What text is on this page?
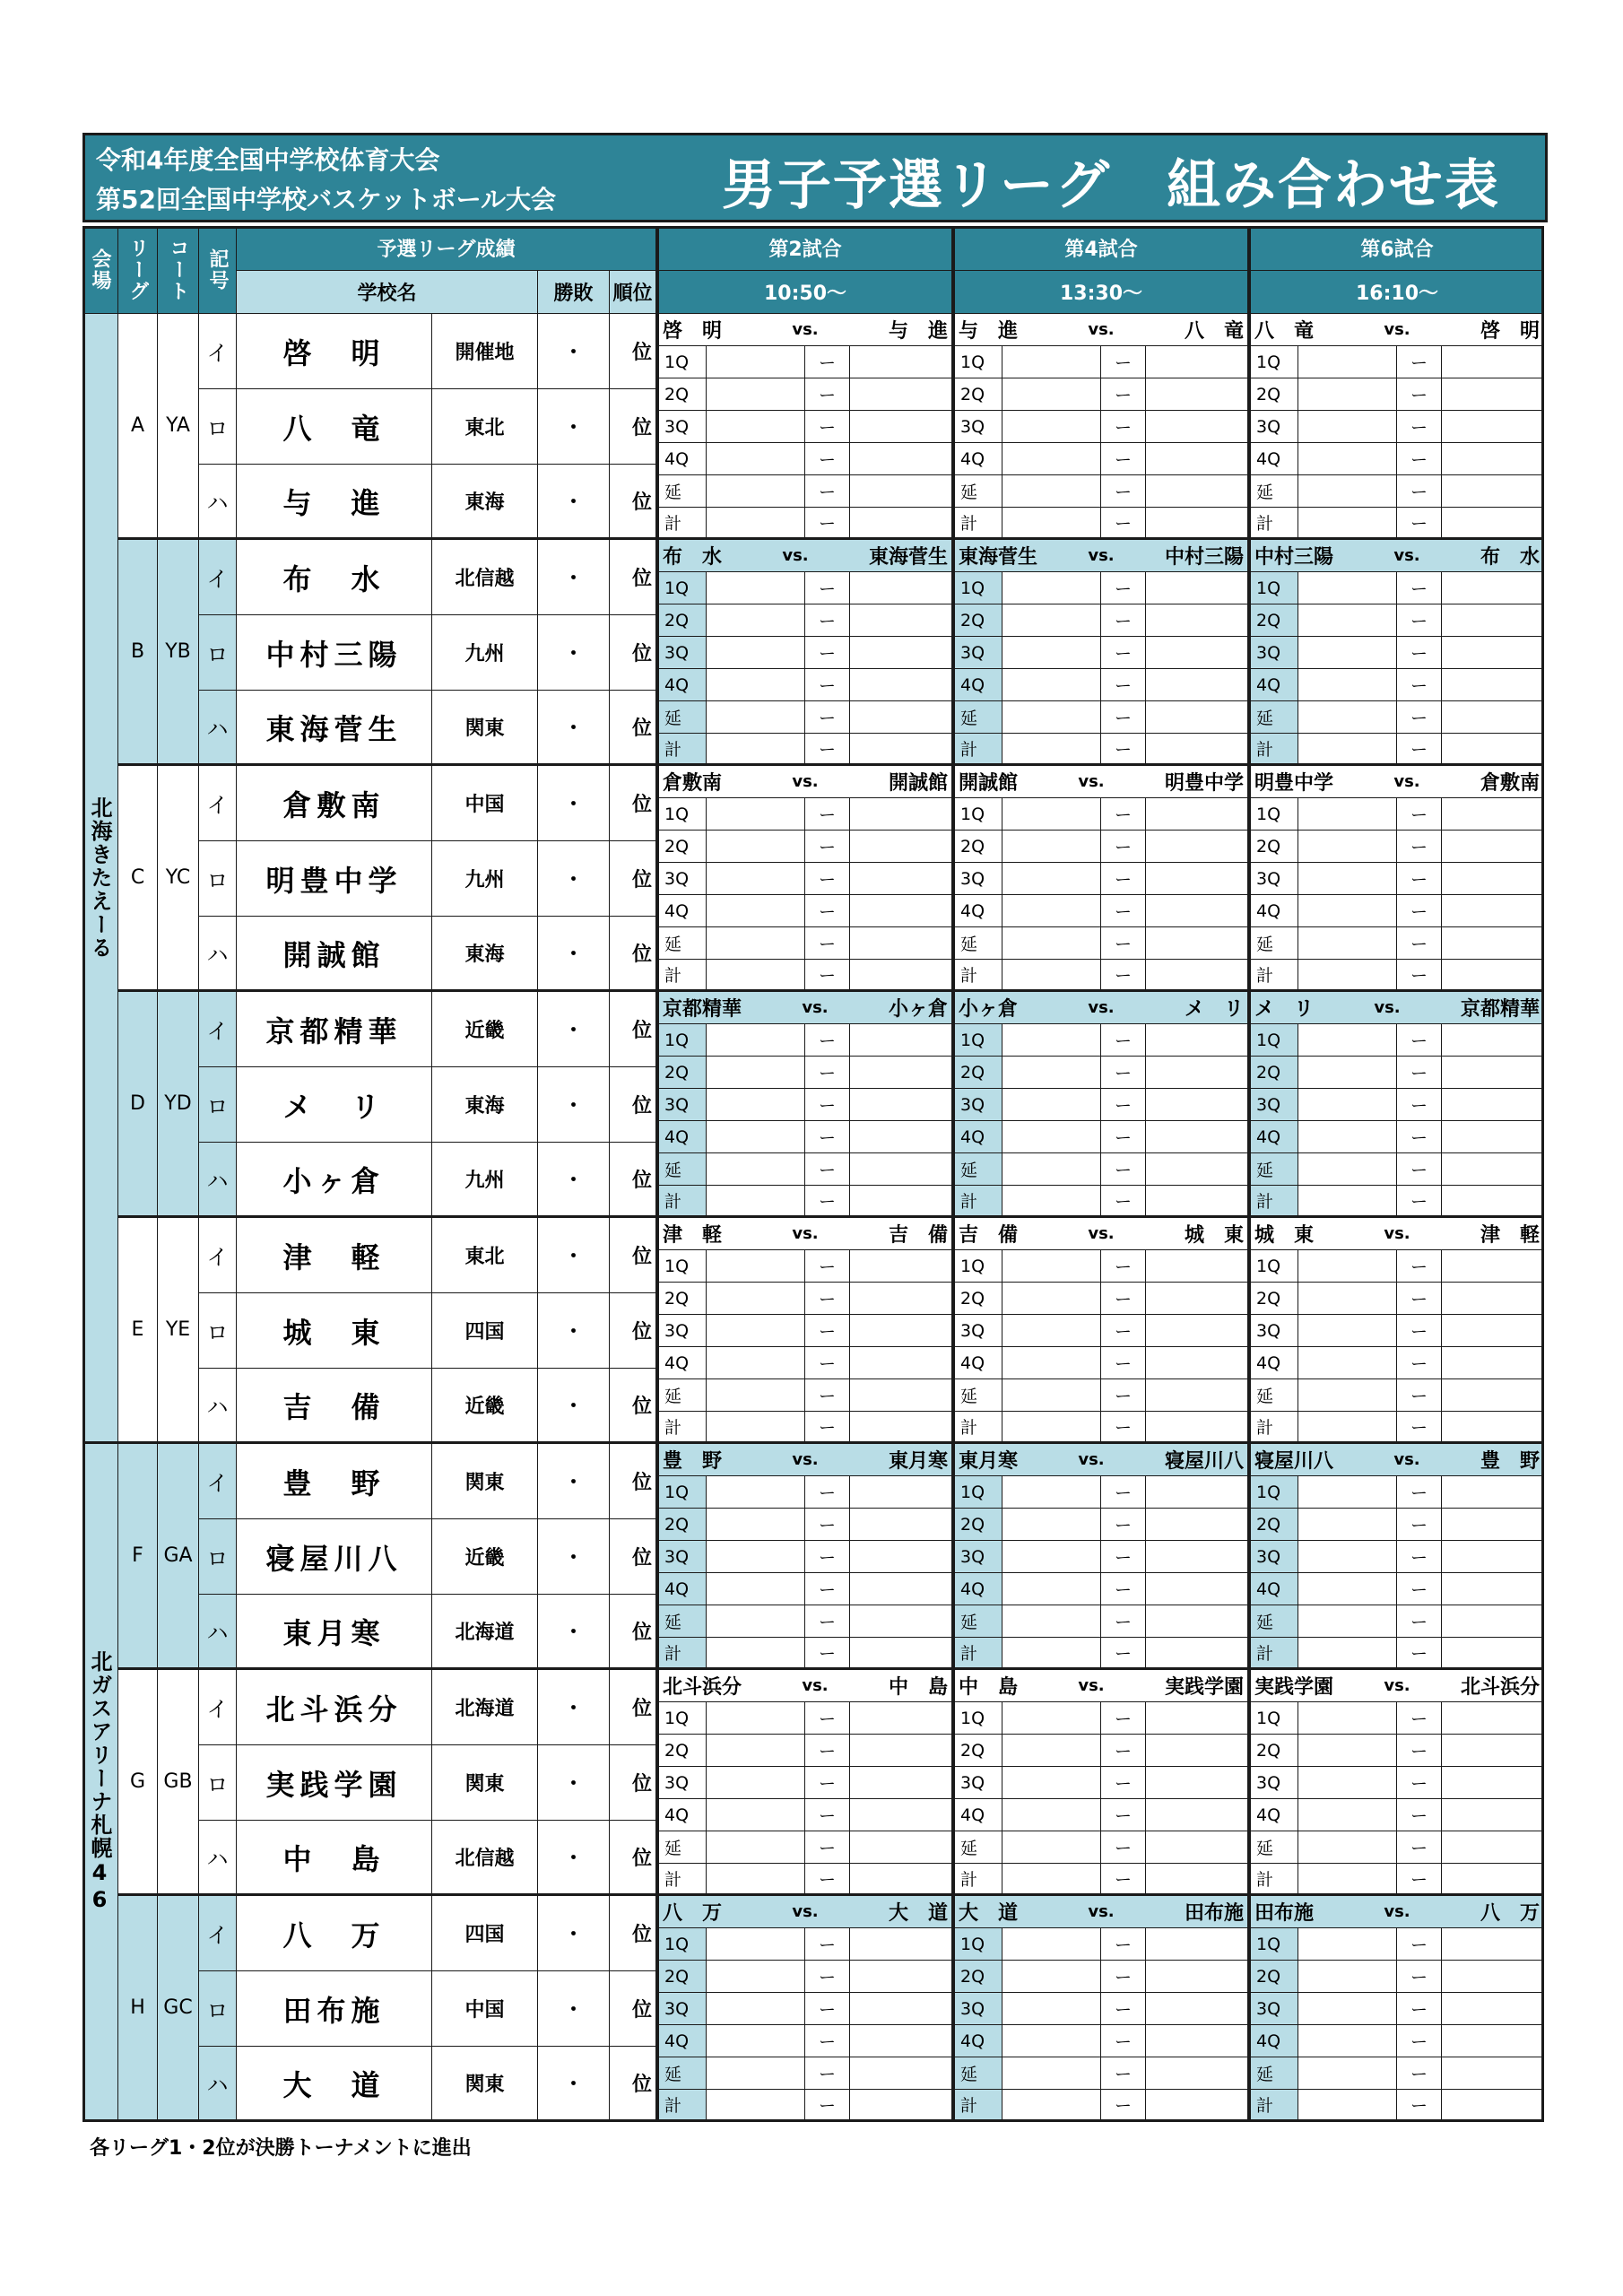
令和4年度全国中学校体育大会
第52回全国中学校バスケットボール大会	男子予選リーグ　組み合わせ表
会場 リーグ コート 記号	予選リーグ成績
学校名	勝敗 順位
第2試合
10:50〜
第4試合
13:30〜
第6試合
16:10〜
北海きたえーる
北ガスアリーナ札幌46
A	YA
イ	啓　明	開催地	・	位
ロ	八　竜	東北	・	位
ハ	与　進	東海	・	位
啓　明	vs.	与　進
1Q	ー
2Q	ー
3Q	ー
4Q	ー
延	ー
計	ー
与　進	vs.	八　竜
1Q	ー
2Q	ー
3Q	ー
4Q	ー
延	ー
計	ー
八　竜	vs.	啓　明
1Q	ー
2Q	ー
3Q	ー
4Q	ー
延	ー
計	ー
B	YB
イ	布　水	北信越	・	位
ロ	中村三陽	九州	・	位
ハ	東海菅生	関東	・	位
布　水	vs.	東海菅生
1Q	ー
2Q	ー
3Q	ー
4Q	ー
延	ー
計	ー
東海菅生	vs.	中村三陽
1Q	ー
2Q	ー
3Q	ー
4Q	ー
延	ー
計	ー
中村三陽	vs.	布　水
1Q	ー
2Q	ー
3Q	ー
4Q	ー
延	ー
計	ー
C	YC
イ	倉敷南	中国	・	位
ロ	明豊中学	九州	・	位
ハ	開誠館	東海	・	位
倉敷南	vs.	開誠館
1Q	ー
2Q	ー
3Q	ー
4Q	ー
延	ー
計	ー
開誠館	vs.	明豊中学
1Q	ー
2Q	ー
3Q	ー
4Q	ー
延	ー
計	ー
明豊中学	vs.	倉敷南
1Q	ー
2Q	ー
3Q	ー
4Q	ー
延	ー
計	ー
D YD
イ	京都精華	近畿	・	位
ロ	メ　リ	東海	・	位
ハ	小ヶ倉	九州	・	位
京都精華	vs.	小ヶ倉
1Q	ー
2Q	ー
3Q	ー
4Q	ー
延	ー
計	ー
小ヶ倉	vs.	メ　リ
1Q	ー
2Q	ー
3Q	ー
4Q	ー
延	ー
計	ー
メ　リ	vs.	京都精華
1Q	ー
2Q	ー
3Q	ー
4Q	ー
延	ー
計	ー
E	YE
イ	津　軽	東北	・	位
ロ	城　東	四国	・	位
ハ	吉　備	近畿	・	位
津　軽	vs.	吉　備
1Q	ー
2Q	ー
3Q	ー
4Q	ー
延	ー
計	ー
吉　備	vs.	城　東
1Q	ー
2Q	ー
3Q	ー
4Q	ー
延	ー
計	ー
城　東	vs.	津　軽
1Q	ー
2Q	ー
3Q	ー
4Q	ー
延	ー
計	ー
F	GA
イ	豊　野	関東	・	位
ロ	寝屋川八	近畿	・	位
ハ	東月寒	北海道	・	位
豊　野	vs.	東月寒
1Q	ー
2Q	ー
3Q	ー
4Q	ー
延	ー
計	ー
東月寒	vs.	寝屋川八
1Q	ー
2Q	ー
3Q	ー
4Q	ー
延	ー
計	ー
寝屋川八	vs.	豊　野
1Q	ー
2Q	ー
3Q	ー
4Q	ー
延	ー
計	ー
G GB
イ	北斗浜分	北海道	・	位
ロ	実践学園	関東	・	位
ハ	中　島	北信越	・	位
北斗浜分	vs.	中　島
1Q	ー
2Q	ー
3Q	ー
4Q	ー
延	ー
計	ー
中　島	vs.	実践学園
1Q	ー
2Q	ー
3Q	ー
4Q	ー
延	ー
計	ー
実践学園	vs.	北斗浜分
1Q	ー
2Q	ー
3Q	ー
4Q	ー
延	ー
計	ー
H GC
イ	八　万	四国	・	位
ロ	田布施	中国	・	位
ハ	大　道	関東	・	位
八　万	vs.	大　道
1Q	ー
2Q	ー
3Q	ー
4Q	ー
延	ー
計	ー
大　道	vs.	田布施
1Q	ー
2Q	ー
3Q	ー
4Q	ー
延	ー
計	ー
田布施	vs.	八　万
1Q	ー
2Q	ー
3Q	ー
4Q	ー
延	ー
計	ー
各リーグ1・2位が決勝トーナメントに進出
